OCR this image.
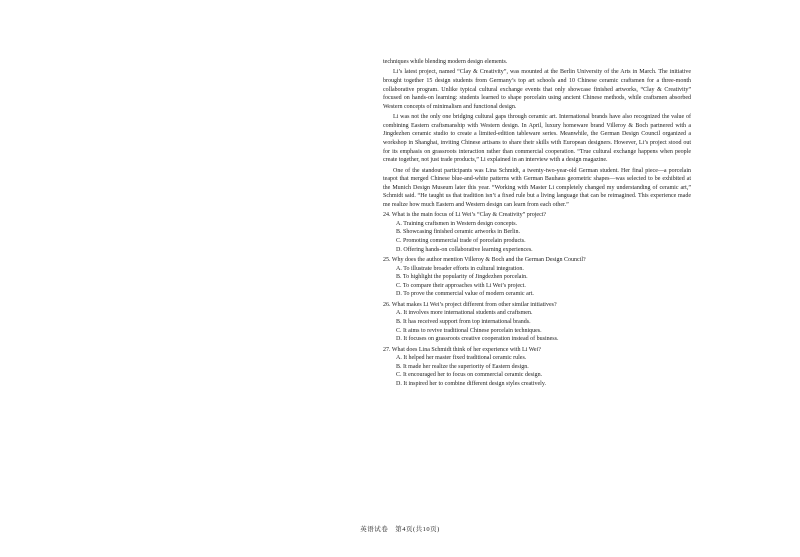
techniques while blending modern design elements.

Li’s latest project, named “Clay & Creativity”, was mounted at the Berlin University of the Arts in March. The initiative brought together 15 design students from Germany’s top art schools and 10 Chinese ceramic craftsmen for a three-month collaborative program. Unlike typical cultural exchange events that only showcase finished artworks, “Clay & Creativity” focused on hands-on learning: students learned to shape porcelain using ancient Chinese methods, while craftsmen absorbed Western concepts of minimalism and functional design.

Li was not the only one bridging cultural gaps through ceramic art. International brands have also recognized the value of combining Eastern craftsmanship with Western design. In April, luxury homeware brand Villeroy & Boch partnered with a Jingdezhen ceramic studio to create a limited-edition tableware series. Meanwhile, the German Design Council organized a workshop in Shanghai, inviting Chinese artisans to share their skills with European designers. However, Li’s project stood out for its emphasis on grassroots interaction rather than commercial cooperation. “True cultural exchange happens when people create together, not just trade products,” Li explained in an interview with a design magazine.

One of the standout participants was Lina Schmidt, a twenty-two-year-old German student. Her final piece—a porcelain teapot that merged Chinese blue-and-white patterns with German Bauhaus geometric shapes—was selected to be exhibited at the Munich Design Museum later this year. “Working with Master Li completely changed my understanding of ceramic art,” Schmidt said. “He taught us that tradition isn’t a fixed rule but a living language that can be reimagined. This experience made me realize how much Eastern and Western design can learn from each other.”

24. What is the main focus of Li Wei’s “Clay & Creativity” project?
A. Training craftsmen in Western design concepts.
B. Showcasing finished ceramic artworks in Berlin.
C. Promoting commercial trade of porcelain products.
D. Offering hands-on collaborative learning experiences.
25. Why does the author mention Villeroy & Boch and the German Design Council?
A. To illustrate broader efforts in cultural integration.
B. To highlight the popularity of Jingdezhen porcelain.
C. To compare their approaches with Li Wei’s project.
D. To prove the commercial value of modern ceramic art.
26. What makes Li Wei’s project different from other similar initiatives?
A. It involves more international students and craftsmen.
B. It has received support from top international brands.
C. It aims to revive traditional Chinese porcelain techniques.
D. It focuses on grassroots creative cooperation instead of business.
27. What does Lina Schmidt think of her experience with Li Wei?
A. It helped her master fixed traditional ceramic rules.
B. It made her realize the superiority of Eastern design.
C. It encouraged her to focus on commercial ceramic design.
D. It inspired her to combine different design styles creatively.
英语试卷　第4页(共10页)
